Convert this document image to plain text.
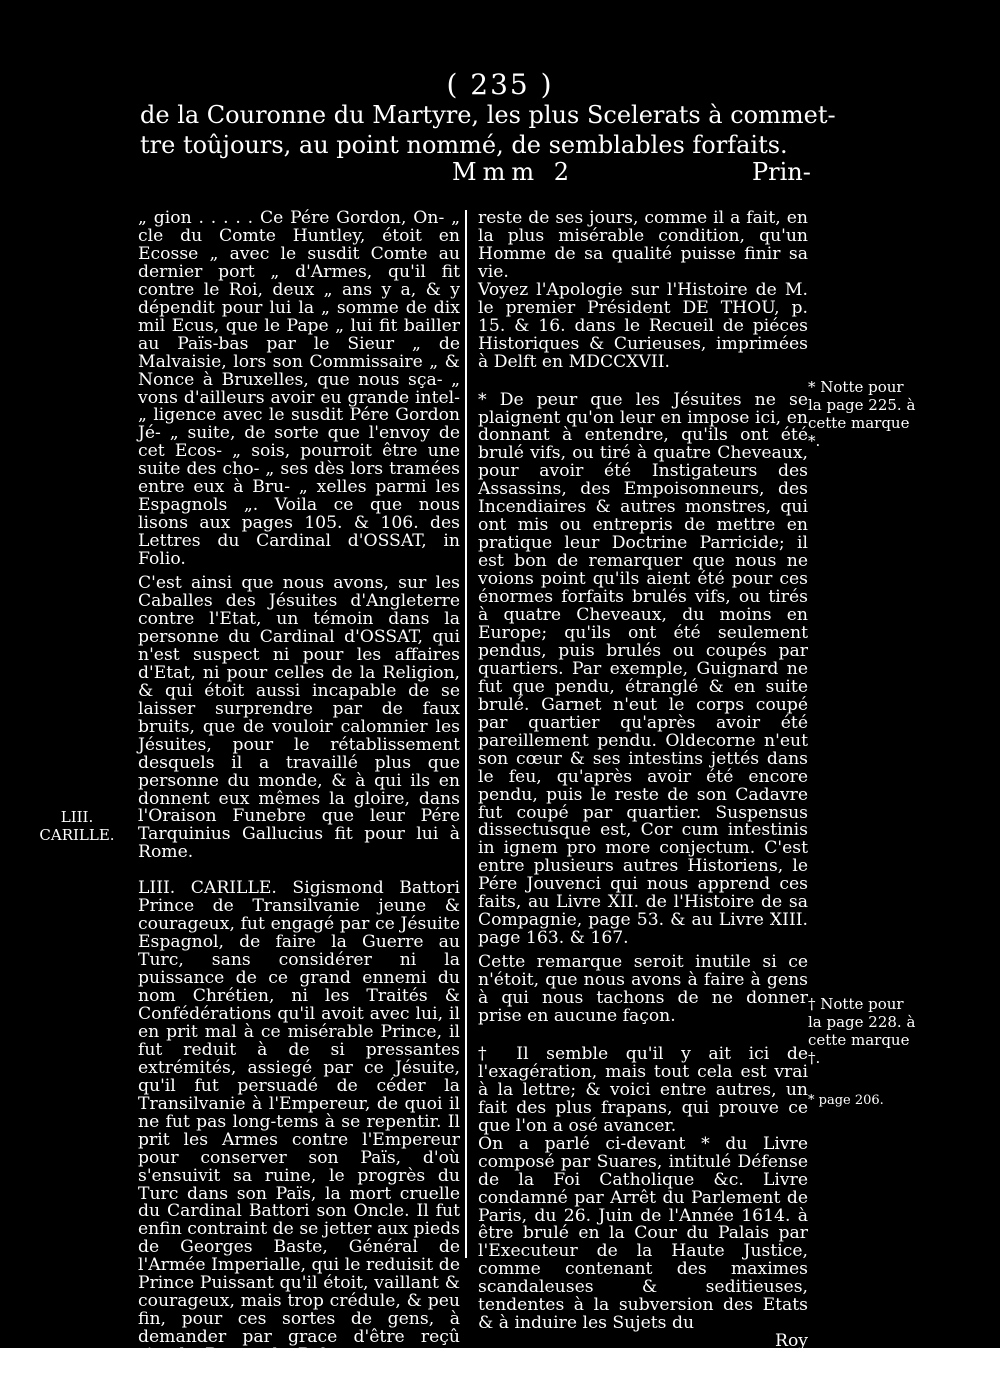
( 235 )
de la Couronne du Martyre, les plus Scelerats à commet-
tre toûjours, au point nommé, de semblables forfaits.
Mmm 2	Prin-

„ gion . . . . . Ce Pére Gordon, On- „ cle du Comte Huntley, étoit en Ecosse „ avec le susdit Comte au dernier port „ d'Armes, qu'il fit contre le Roi, deux „ ans y a, & y dépendit pour lui la „ somme de dix mil Ecus, que le Pape „ lui fit bailler au Païs-bas par le Sieur „ de Malvaisie, lors son Commissaire „ & Nonce à Bruxelles, que nous sça- „ vons d'ailleurs avoir eu grande intel- „ ligence avec le susdit Pére Gordon Jé- „ suite, de sorte que l'envoy de cet Ecos- „ sois, pourroit être une suite des cho- „ ses dès lors tramées entre eux à Bru- „ xelles parmi les Espagnols „. Voila ce que nous lisons aux pages 105. & 106. des Lettres du Cardinal d'OSSAT, in Folio.

C'est ainsi que nous avons, sur les Caballes des Jésuites d'Angleterre contre l'Etat, un témoin dans la personne du Cardinal d'OSSAT, qui n'est suspect ni pour les affaires d'Etat, ni pour celles de la Religion, & qui étoit aussi incapable de se laisser surprendre par de faux bruits, que de vouloir calomnier les Jésuites, pour le rétablissement desquels il a travaillé plus que personne du monde, & à qui ils en donnent eux mêmes la gloire, dans l'Oraison Funebre que leur Pére Tarquinius Gallucius fit pour lui à Rome.

LIII. CARILLE. Sigismond Battori Prince de Transilvanie jeune & courageux, fut engagé par ce Jésuite Espagnol, de faire la Guerre au Turc, sans considérer ni la puissance de ce grand ennemi du nom Chrétien, ni les Traités & Confédérations qu'il avoit avec lui, il en prit mal à ce misérable Prince, il fut reduit à de si pressantes extrémités, assiegé par ce Jésuite, qu'il fut persuadé de céder la Transilvanie à l'Empereur, de quoi il ne fut pas long-tems à se repentir. Il prit les Armes contre l'Empereur pour conserver son Païs, d'où s'ensuivit sa ruine, le progrès du Turc dans son Païs, la mort cruelle du Cardinal Battori son Oncle. Il fut enfin contraint de se jetter aux pieds de Georges Baste, Général de l'Armée Imperialle, qui le reduisit de Prince Puissant qu'il étoit, vaillant & courageux, mais trop crédule, & peu fin, pour ces sortes de gens, à demander par grace d'être reçû simple Baron de Boheme avec une légere pension, pour passer le

reste de ses jours, comme il a fait, en la plus misérable condition, qu'un Homme de sa qualité puisse finir sa vie.

Voyez l'Apologie sur l'Histoire de M. le premier Président DE THOU, p. 15. & 16. dans le Recueil de piéces Historiques & Curieuses, imprimées à Delft en MDCCXVII.

* De peur que les Jésuites ne se plaignent qu'on leur en impose ici, en donnant à entendre, qu'ils ont été brulé vifs, ou tiré à quatre Cheveaux, pour avoir été Instigateurs des Assassins, des Empoisonneurs, des Incendiaires & autres monstres, qui ont mis ou entrepris de mettre en pratique leur Doctrine Parricide; il est bon de remarquer que nous ne voions point qu'ils aient été pour ces énormes forfaits brulés vifs, ou tirés à quatre Cheveaux, du moins en Europe; qu'ils ont été seulement pendus, puis brulés ou coupés par quartiers. Par exemple, Guignard ne fut que pendu, étranglé & en suite brulé. Garnet n'eut le corps coupé par quartier qu'après avoir été pareillement pendu. Oldecorne n'eut son cœur & ses intestins jettés dans le feu, qu'après avoir été encore pendu, puis le reste de son Cadavre fut coupé par quartier. Suspensus dissectusque est, Cor cum intestinis in ignem pro more conjectum. C'est entre plusieurs autres Historiens, le Pére Jouvenci qui nous apprend ces faits, au Livre XII. de l'Histoire de sa Compagnie, page 53. & au Livre XIII. page 163. & 167.

Cette remarque seroit inutile si ce n'étoit, que nous avons à faire à gens à qui nous tachons de ne donner prise en aucune façon.

† Il semble qu'il y ait ici de l'exagération, mais tout cela est vrai à la lettre; & voici entre autres, un fait des plus frapans, qui prouve ce que l'on a osé avancer.

On a parlé ci-devant * du Livre composé par Suares, intitulé Défense de la Foi Catholique &c. Livre condamné par Arrêt du Parlement de Paris, du 26. Juin de l'Année 1614. à être brulé en la Cour du Palais par l'Executeur de la Haute Justice, comme contenant des maximes scandaleuses & seditieuses, tendentes à la subversion des Etats & à induire les Sujets du

Roy

LIII.
CARILLE.
* Notte pour la page 225. à cette marque *.
† Notte pour la page 228. à cette marque †.
* page 206.
